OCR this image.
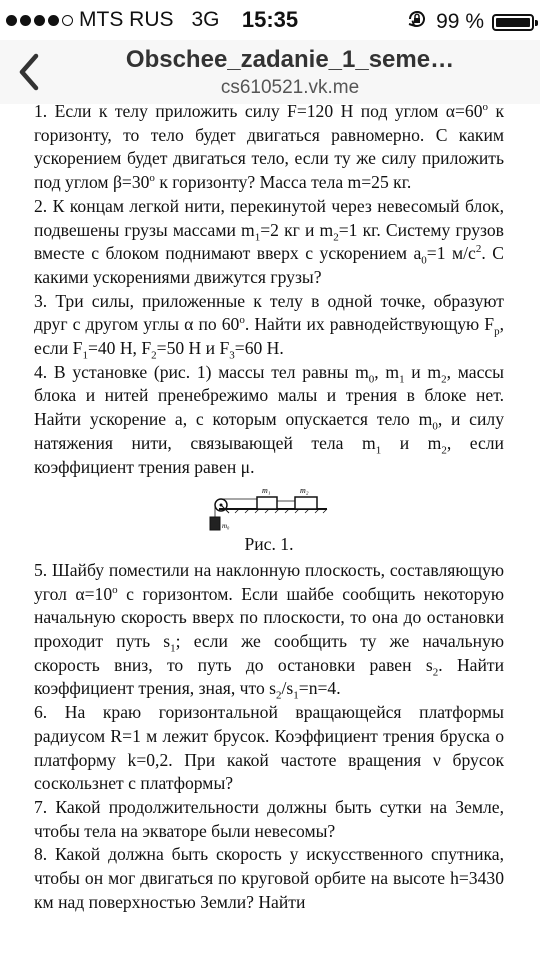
MTS RUS 3G	15:35	99 %
Obschee_zadanie_1_seme…
cs610521.vk.me

1. Если к телу приложить силу F=120 Н под углом $\alpha=60^o$ к горизонту, то тело будет двигаться равномерно. С каким ускорением будет двигаться тело, если ту же силу приложить под углом $\beta=30^o$ к горизонту? Масса тела m=25 кг.

2. К концам легкой нити, перекинутой через невесомый блок, подвешены грузы массами $m_1=2$ кг и $m_2=1$ кг. Систему грузов вместе с блоком поднимают вверх с ускорением $a_0=1$ $м/с^2$. С какими ускорениями движутся грузы?

3. Три силы, приложенные к телу в одной точке, образуют друг с другом углы α по 60$^o$. Найти их равнодействующую $F_р$, если $F_1=40$ Н, $F_2=50$ Н и $F_3=60$ Н.

4. В установке (рис. 1) массы тел равны $m_0$, $m_1$ и $m_2$, массы блока и нитей пренебрежимо малы и трения в блоке нет. Найти ускорение a, с которым опускается тело $m_0$, и силу натяжения нити, связывающей тела $m_1$ и $m_2$, если коэффициент трения равен μ.

m₁	m₂
m₀
Рис. 1.

5. Шайбу поместили на наклонную плоскость, составляющую угол $\alpha=10^o$ с горизонтом. Если шайбе сообщить некоторую начальную скорость вверх по плоскости, то она до остановки проходит путь $s_1$; если же сообщить ту же начальную скорость вниз, то путь до остановки равен $s_2$. Найти коэффициент трения, зная, что $s_2/s_1=n=4$.

6. На краю горизонтальной вращающейся платформы радиусом R=1 м лежит брусок. Коэффициент трения бруска о платформу k=0,2. При какой частоте вращения ν брусок соскользнет с платформы?

7. Какой продолжительности должны быть сутки на Земле, чтобы тела на экваторе были невесомы?

8. Какой должна быть скорость у искусственного спутника, чтобы он мог двигаться по круговой орбите на высоте h=3430 км над поверхностью Земли? Найти
